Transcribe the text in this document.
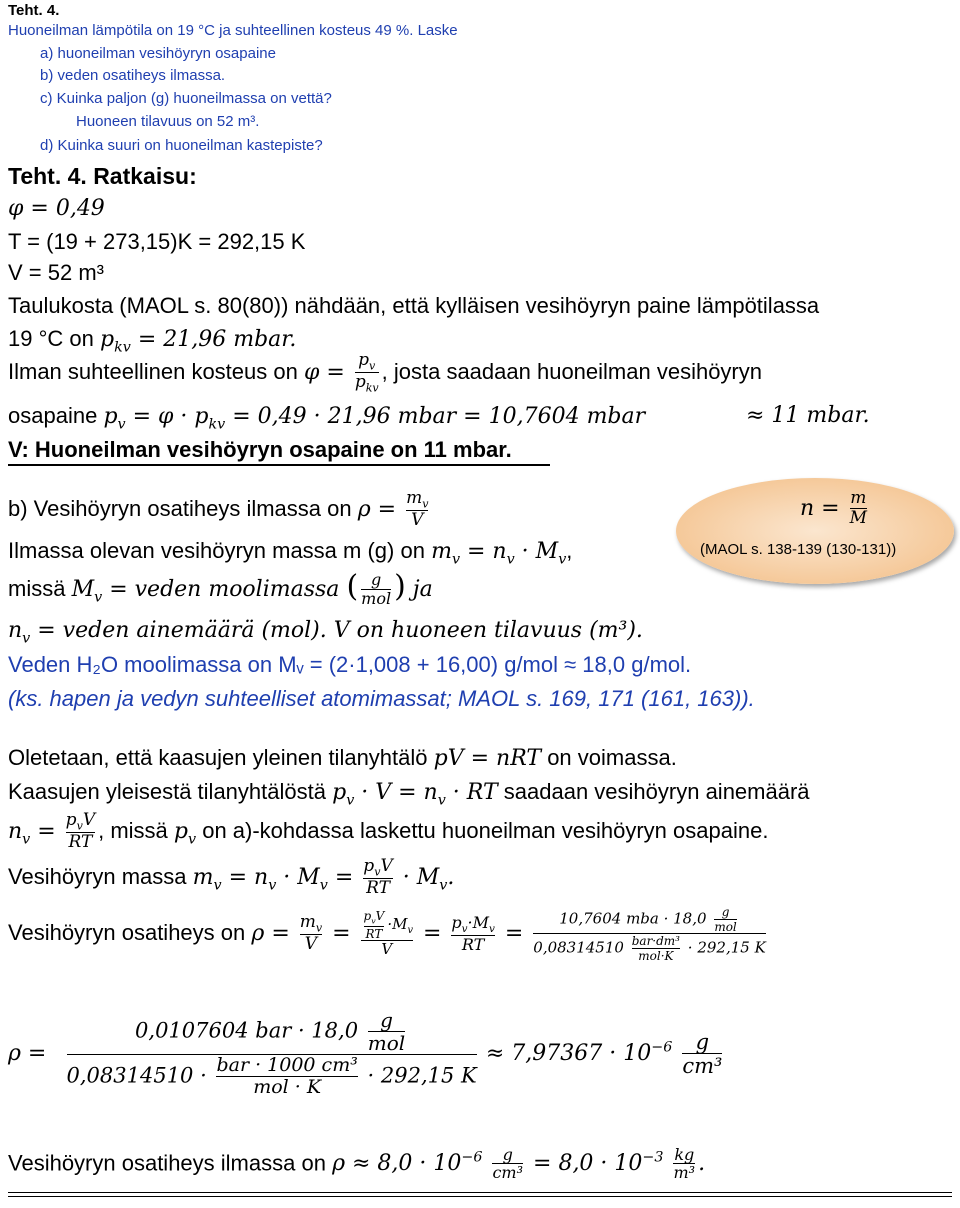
Teht. 4.
Huoneilman lämpötila on 19 °C ja suhteellinen kosteus 49 %. Laske
a) huoneilman vesihöyryn osapaine
b) veden osatiheys ilmassa.
c) Kuinka paljon (g) huoneilmassa on vettä?
Huoneen tilavuus on 52 m³.
d) Kuinka suuri on huoneilman kastepiste?
Teht. 4. Ratkaisu:
φ = 0,49
T = (19 + 273,15)K = 292,15 K
V = 52 m³
Taulukosta (MAOL s. 80(80)) nähdään, että kylläisen vesihöyryn paine lämpötilassa
19 °C on $p_{kv} = 21,96$ mbar.
Ilman suhteellinen kosteus on $\varphi = \frac{p_v}{p_{kv}}$ , josta saadaan huoneilman vesihöyryn
osapaine $p_v = \varphi \cdot p_{kv} = 0,49 \cdot 21,96$ mbar = 10,7604 mbar	≈ 11 mbar.
V: Huoneilman vesihöyryn osapaine on 11 mbar.
b) Vesihöyryn osatiheys ilmassa on $\rho = \frac{m_v}{V}$	$n = \frac{m}{M}$
(MAOL s. 138-139 (130-131))
Ilmassa olevan vesihöyryn massa m (g) on $m_v = n_v \cdot M_v$,
missä $M_v$ = veden moolimassa ( $\frac{g}{\text{mol}}$ ) ja
$n_v$ = veden ainemäärä (mol). V on huoneen tilavuus (m³).
Veden H₂O moolimassa on Mᵥ = (2·1,008 + 16,00) g/mol ≈ 18,0 g/mol.
(ks. hapen ja vedyn suhteelliset atomimassat; MAOL s. 169, 171 (161, 163)).
Oletetaan, että kaasujen yleinen tilanyhtälö pV = nRT on voimassa.
Kaasujen yleisestä tilanyhtälöstä $p_v \cdot V = n_v$ · RT saadaan vesihöyryn ainemäärä
$n_v = \frac{p_vV}{RT}$ , missä $p_v$ on a)-kohdassa laskettu huoneilman vesihöyryn osapaine.
Vesihöyryn massa $m_v = n_v \cdot M_v = \frac{p_vV}{RT} \cdot M_v$.
Vesihöyryn osatiheys on $\rho = \frac{m_v}{V} = \frac{\frac{p_vV}{RT} \cdot M_v}{V} = \frac{p_v\cdot M_v}{RT} = \frac{10,7604 mba \cdot 18,0 \frac{g}{\text{mol}}}{0,08314510 \frac{\text{bar·dm³}}{\text{mol·K}} \cdot 292,15 K}$
$\rho = \frac{0,0107604 bar \cdot 18,0 \frac{g}{\text{mol}}}{0,08314510 \cdot \frac{\text{bar · 1000 cm³}}{\text{mol · K}} \cdot 292,15 K} \approx 7,97367 \cdot 10^{-6} \frac{g}{\text{cm³}}$
Vesihöyryn osatiheys ilmassa on $\rho \approx 8,0 \cdot 10^{-6} \frac{g}{\text{cm³}} = 8,0 \cdot 10^{-3} \frac{kg}{\text{m³}}$ .
